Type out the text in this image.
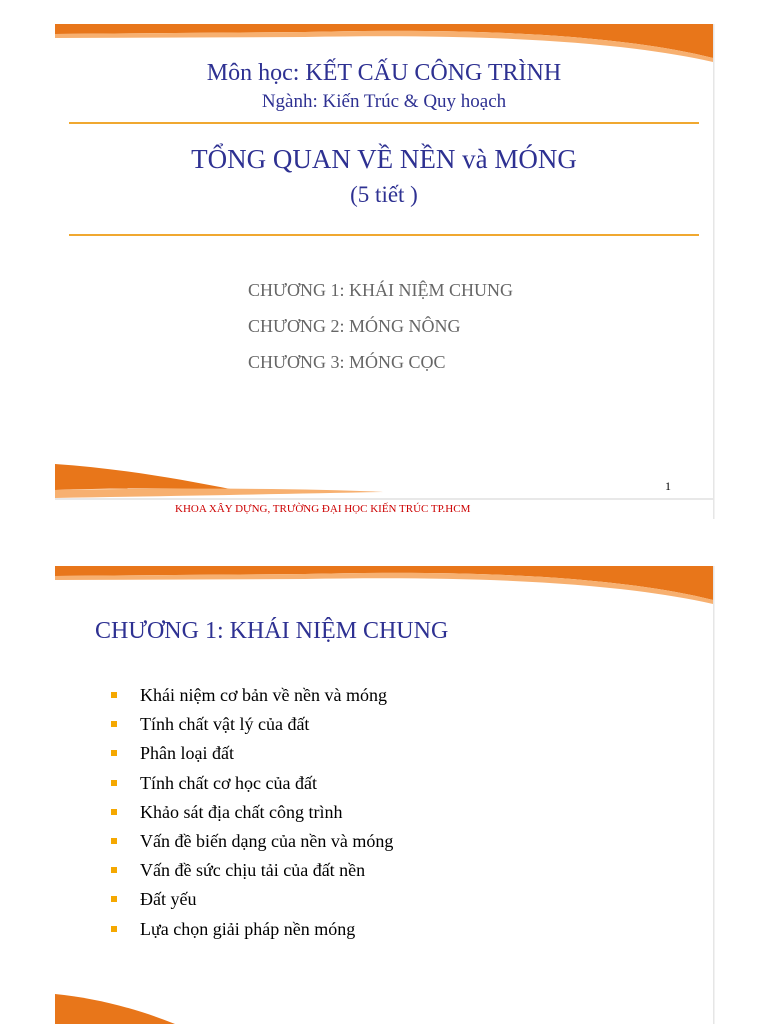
Môn học: KẾT CẤU CÔNG TRÌNH
Ngành: Kiến Trúc & Quy hoạch
TỔNG QUAN VỀ NỀN và MÓNG
(5 tiết )
CHƯƠNG 1: KHÁI NIỆM CHUNG
CHƯƠNG 2: MÓNG NÔNG
CHƯƠNG 3: MÓNG CỌC
1
KHOA XÂY DỰNG, TRƯỜNG ĐẠI HỌC KIẾN TRÚC TP.HCM
CHƯƠNG 1: KHÁI NIỆM CHUNG
Khái niệm cơ bản về nền và móng
Tính chất vật lý của đất
Phân loại đất
Tính chất cơ học của đất
Khảo sát địa chất công trình
Vấn đề biến dạng của nền và móng
Vấn đề sức chịu tải của đất nền
Đất yếu
Lựa chọn giải pháp nền móng
